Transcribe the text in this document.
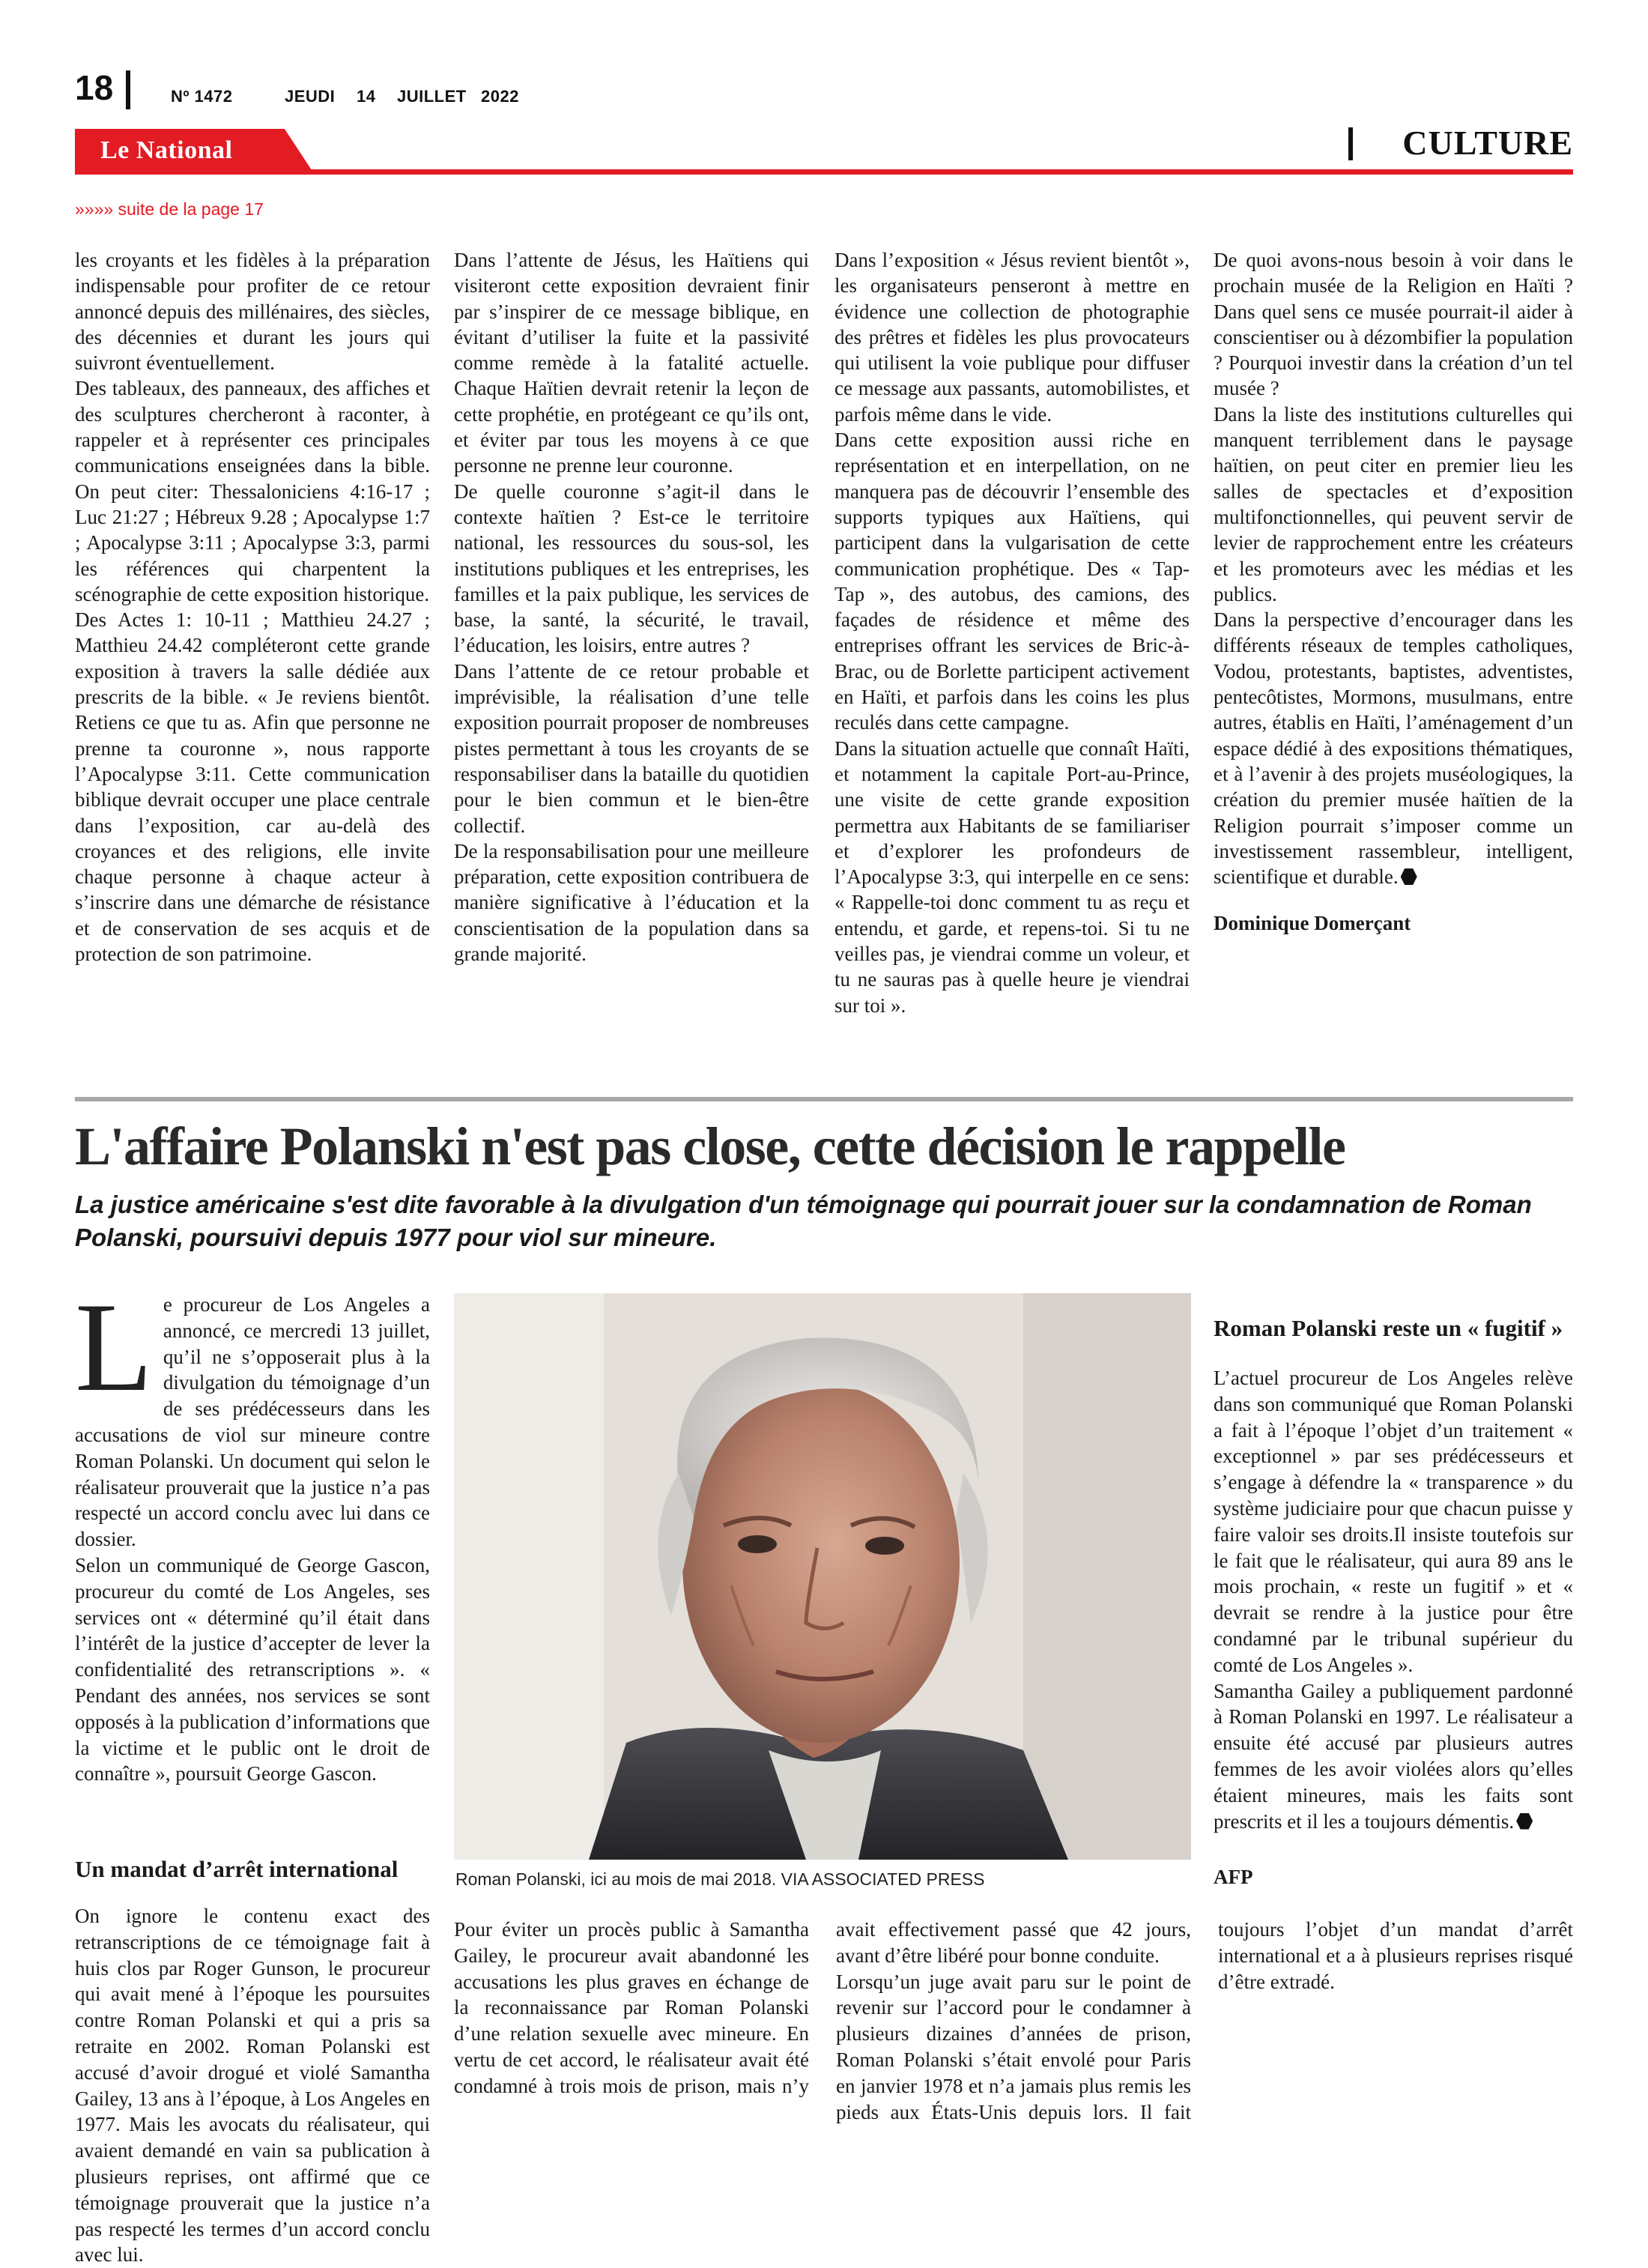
18	Nº 1472	JEUDI 14 JUILLET 2022
Le National	CULTURE
»»»» suite de la page 17

les croyants et les fidèles à la préparation indispensable pour profiter de ce retour annoncé depuis des millénaires, des siècles, des décennies et durant les jours qui suivront éventuellement.

Des tableaux, des panneaux, des affiches et des sculptures chercheront à raconter, à rappeler et à représenter ces principales communications enseignées dans la bible. On peut citer: Thessaloniciens 4:16-17 ; Luc 21:27 ; Hébreux 9.28 ; Apocalypse 1:7 ; Apocalypse 3:11 ; Apocalypse 3:3, parmi les références qui charpentent la scénographie de cette exposition historique.

Des Actes 1: 10-11 ; Matthieu 24.27 ; Matthieu 24.42 compléteront cette grande exposition à travers la salle dédiée aux prescrits de la bible. « Je reviens bientôt. Retiens ce que tu as. Afin que personne ne prenne ta couronne », nous rapporte l’Apocalypse 3:11. Cette communication biblique devrait occuper une place centrale dans l’exposition, car au-delà des croyances et des religions, elle invite chaque personne à chaque acteur à s’inscrire dans une démarche de résistance et de conservation de ses acquis et de protection de son patrimoine.

Dans l’attente de Jésus, les Haïtiens qui visiteront cette exposition devraient finir par s’inspirer de ce message biblique, en évitant d’utiliser la fuite et la passivité comme remède à la fatalité actuelle. Chaque Haïtien devrait retenir la leçon de cette prophétie, en protégeant ce qu’ils ont, et éviter par tous les moyens à ce que personne ne prenne leur couronne.

De quelle couronne s’agit-il dans le contexte haïtien ? Est-ce le territoire national, les ressources du sous-sol, les institutions publiques et les entreprises, les familles et la paix publique, les services de base, la santé, la sécurité, le travail, l’éducation, les loisirs, entre autres ?

Dans l’attente de ce retour probable et imprévisible, la réalisation d’une telle exposition pourrait proposer de nombreuses pistes permettant à tous les croyants de se responsabiliser dans la bataille du quotidien pour le bien commun et le bien-être collectif.

De la responsabilisation pour une meilleure préparation, cette exposition contribuera de manière significative à l’éducation et la conscientisation de la population dans sa grande majorité.

Dans l’exposition « Jésus revient bientôt », les organisateurs penseront à mettre en évidence une collection de photographie des prêtres et fidèles les plus provocateurs qui utilisent la voie publique pour diffuser ce message aux passants, automobilistes, et parfois même dans le vide.

Dans cette exposition aussi riche en représentation et en interpellation, on ne manquera pas de découvrir l’ensemble des supports typiques aux Haïtiens, qui participent dans la vulgarisation de cette communication prophétique. Des « Tap-Tap », des autobus, des camions, des façades de résidence et même des entreprises offrant les services de Bric-à-Brac, ou de Borlette participent activement en Haïti, et parfois dans les coins les plus reculés dans cette campagne.

Dans la situation actuelle que connaît Haïti, et notamment la capitale Port-au-Prince, une visite de cette grande exposition permettra aux Habitants de se familiariser et d’explorer les profondeurs de l’Apocalypse 3:3, qui interpelle en ce sens: « Rappelle-toi donc comment tu as reçu et entendu, et garde, et repens-toi. Si tu ne veilles pas, je viendrai comme un voleur, et tu ne sauras pas à quelle heure je viendrai sur toi ».

De quoi avons-nous besoin à voir dans le prochain musée de la Religion en Haïti ? Dans quel sens ce musée pourrait-il aider à conscientiser ou à dézombifier la population ? Pourquoi investir dans la création d’un tel musée ?

Dans la liste des institutions culturelles qui manquent terriblement dans le paysage haïtien, on peut citer en premier lieu les salles de spectacles et d’exposition multifonctionnelles, qui peuvent servir de levier de rapprochement entre les créateurs et les promoteurs avec les médias et les publics.

Dans la perspective d’encourager dans les différents réseaux de temples catholiques, Vodou, protestants, baptistes, adventistes, pentecôtistes, Mormons, musulmans, entre autres, établis en Haïti, l’aménagement d’un espace dédié à des expositions thématiques, et à l’avenir à des projets muséologiques, la création du premier musée haïtien de la Religion pourrait s’imposer comme un investissement rassembleur, intelligent, scientifique et durable.

Dominique Domerçant

L'affaire Polanski n'est pas close, cette décision le rappelle

La justice américaine s'est dite favorable à la divulgation d'un témoignage qui pourrait jouer sur la condamnation de Roman Polanski, poursuivi depuis 1977 pour viol sur mineure.

Le procureur de Los Angeles a annoncé, ce mercredi 13 juillet, qu’il ne s’opposerait plus à la divulgation du témoignage d’un de ses prédécesseurs dans les accusations de viol sur mineure contre Roman Polanski. Un document qui selon le réalisateur prouverait que la justice n’a pas respecté un accord conclu avec lui dans ce dossier.

Selon un communiqué de George Gascon, procureur du comté de Los Angeles, ses services ont « déterminé qu’il était dans l’intérêt de la justice d’accepter de lever la confidentialité des retranscriptions ». « Pendant des années, nos services se sont opposés à la publication d’informations que la victime et le public ont le droit de connaître », poursuit George Gascon.

Un mandat d’arrêt international	Roman Polanski, ici au mois de mai 2018. VIA ASSOCIATED PRESS

On ignore le contenu exact des retranscriptions de ce témoignage fait à huis clos par Roger Gunson, le procureur qui avait mené à l’époque les poursuites contre Roman Polanski et qui a pris sa retraite en 2002. Roman Polanski est accusé d’avoir drogué et violé Samantha Gailey, 13 ans à l’époque, à Los Angeles en 1977. Mais les avocats du réalisateur, qui avaient demandé en vain sa publication à plusieurs reprises, ont affirmé que ce témoignage prouverait que la justice n’a pas respecté les termes d’un accord conclu avec lui.

Pour éviter un procès public à Samantha Gailey, le procureur avait abandonné les accusations les plus graves en échange de la reconnaissance par Roman Polanski d’une relation sexuelle avec mineure. En vertu de cet accord, le réalisateur avait été condamné à trois mois de prison, mais n’y avait effectivement passé que 42 jours, avant d’être libéré pour bonne conduite.

Lorsqu’un juge avait paru sur le point de revenir sur l’accord pour le condamner à plusieurs dizaines d’années de prison, Roman Polanski s’était envolé pour Paris en janvier 1978 et n’a jamais plus remis les pieds aux États-Unis depuis lors. Il fait toujours l’objet d’un mandat d’arrêt international et a à plusieurs reprises risqué d’être extradé.

Roman Polanski reste un « fugitif »

L’actuel procureur de Los Angeles relève dans son communiqué que Roman Polanski a fait à l’époque l’objet d’un traitement « exceptionnel » par ses prédécesseurs et s’engage à défendre la « transparence » du système judiciaire pour que chacun puisse y faire valoir ses droits.Il insiste toutefois sur le fait que le réalisateur, qui aura 89 ans le mois prochain, « reste un fugitif » et « devrait se rendre à la justice pour être condamné par le tribunal supérieur du comté de Los Angeles ».

Samantha Gailey a publiquement pardonné à Roman Polanski en 1997. Le réalisateur a ensuite été accusé par plusieurs autres femmes de les avoir violées alors qu’elles étaient mineures, mais les faits sont prescrits et il les a toujours démentis.

AFP
